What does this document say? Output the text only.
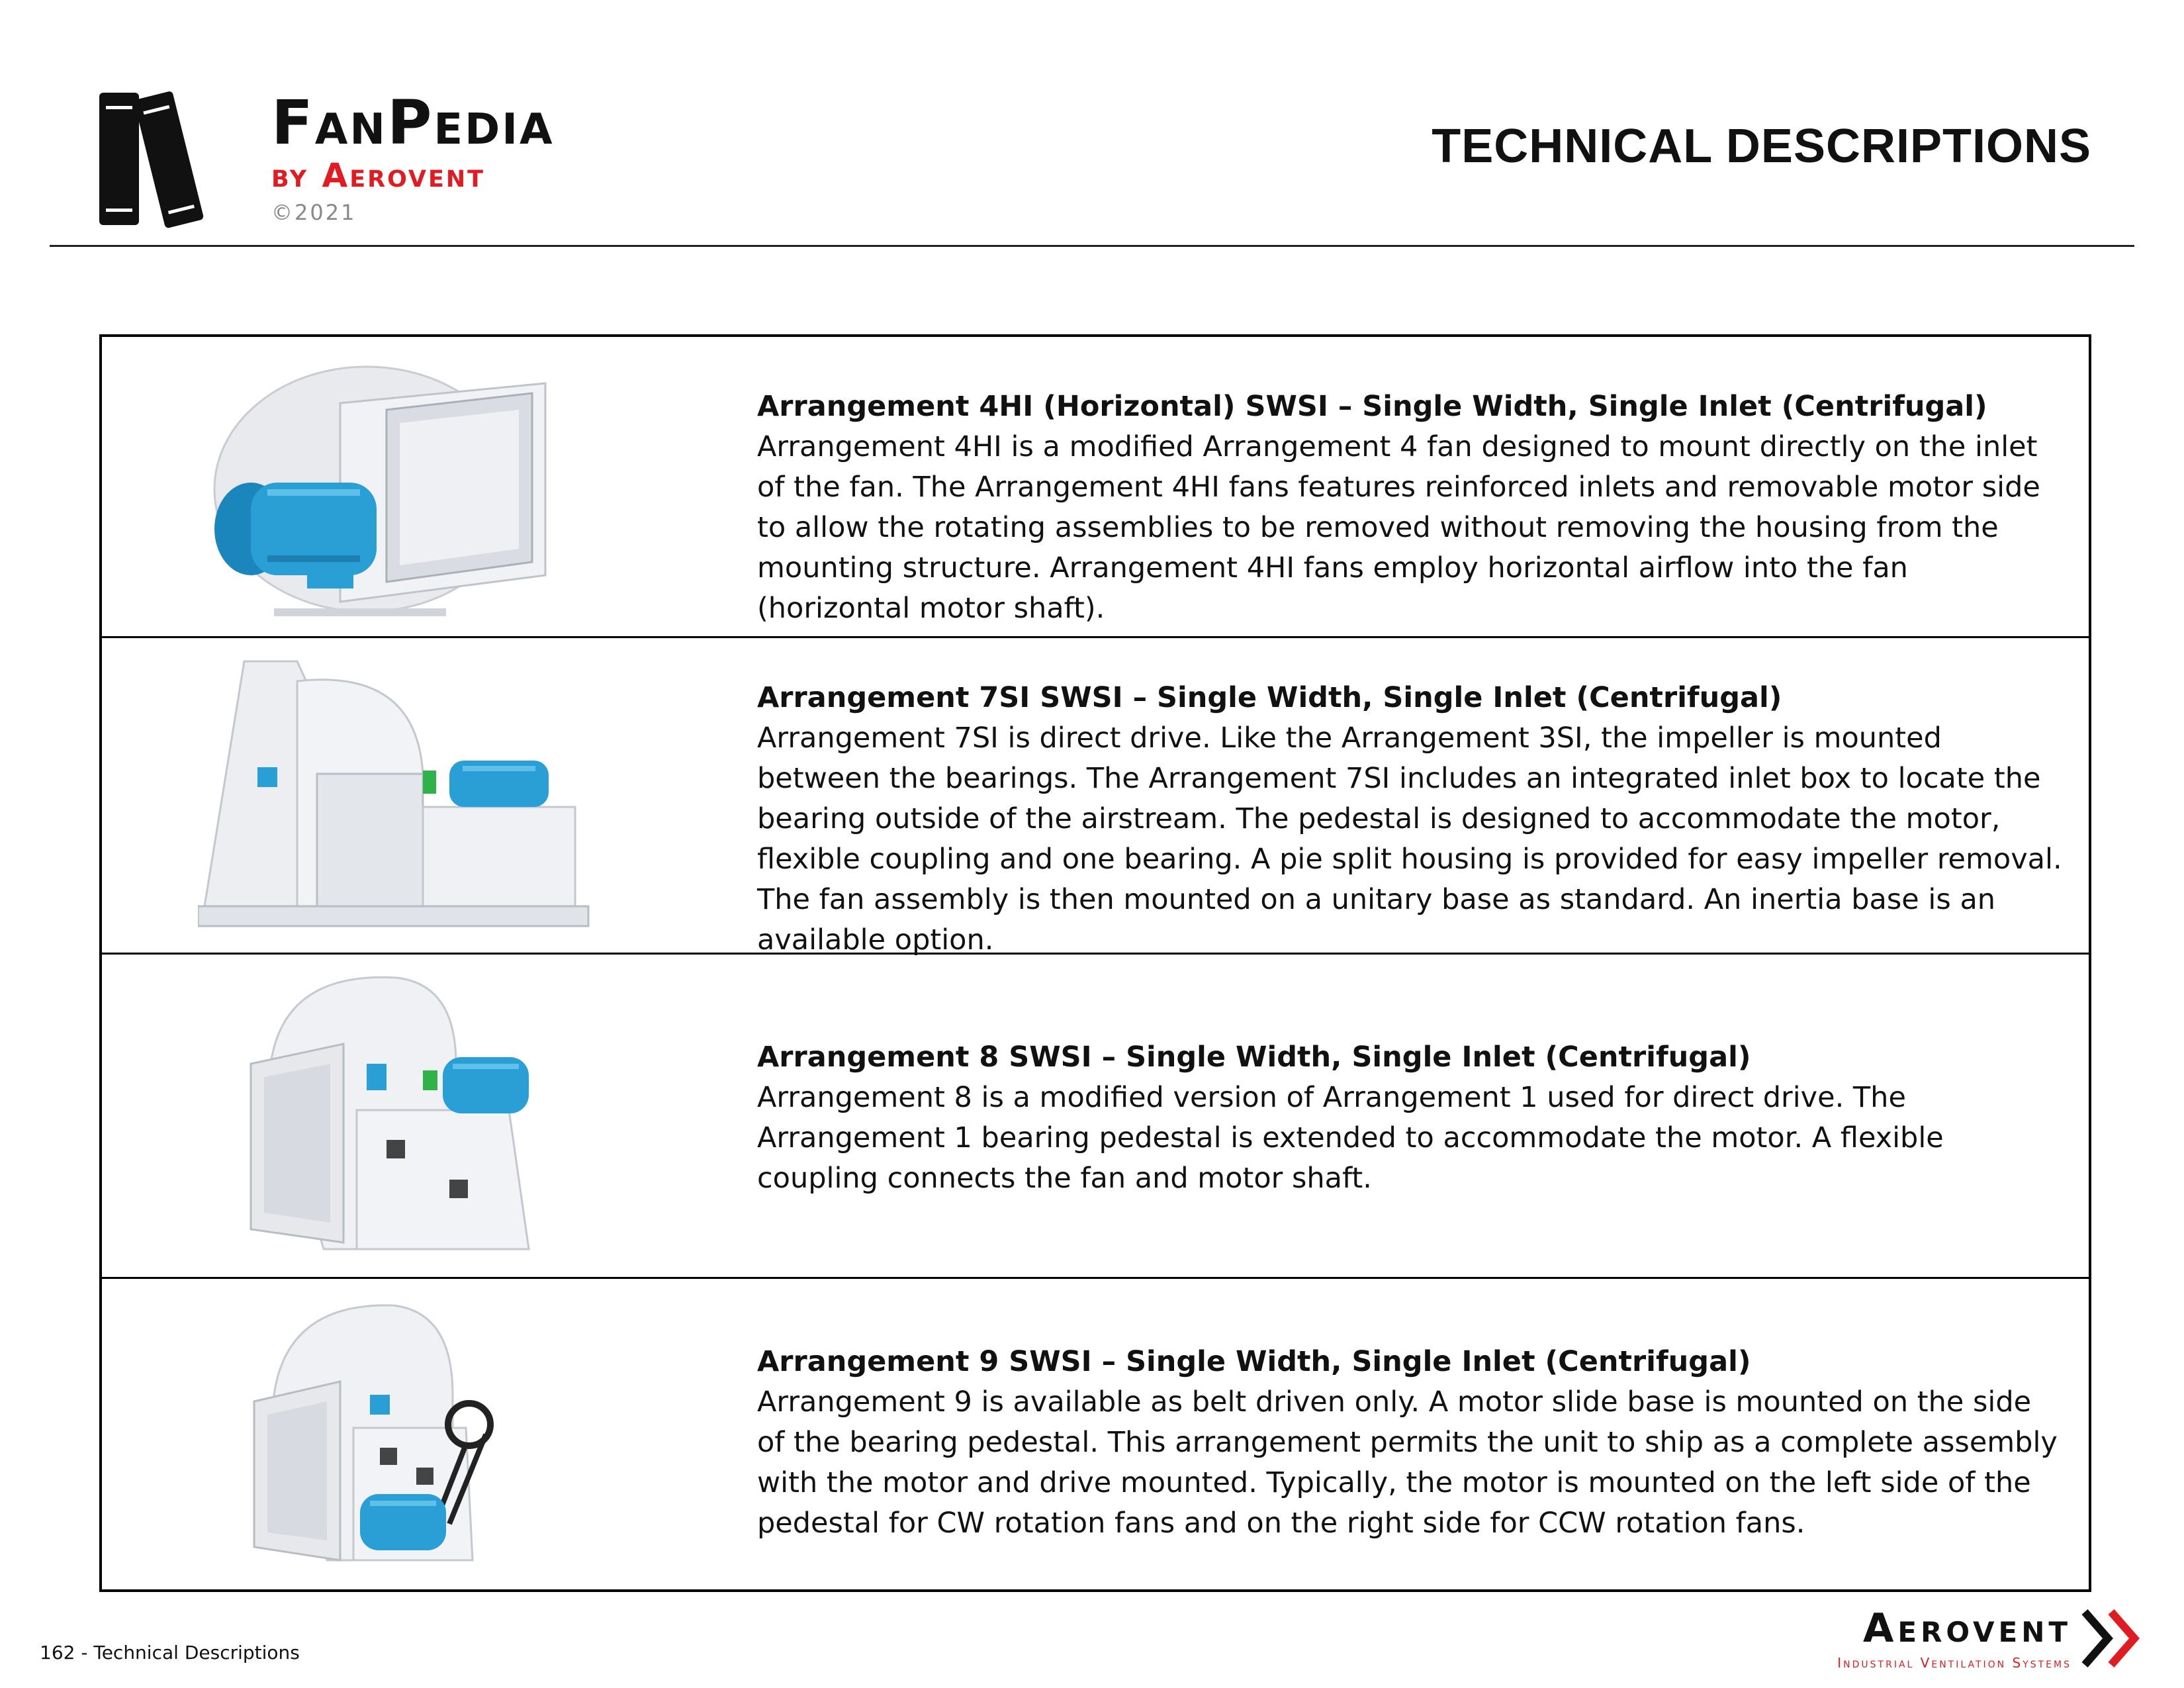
FanPedia
by Aerovent
©2021
TECHNICAL DESCRIPTIONS
Arrangement 4HI (Horizontal) SWSI – Single Width, Single Inlet (Centrifugal)
Arrangement 4HI is a modified Arrangement 4 fan designed to mount directly on the inlet of the fan. The Arrangement 4HI fans features reinforced inlets and removable motor side to allow the rotating assemblies to be removed without removing the housing from the mounting structure. Arrangement 4HI fans employ horizontal airflow into the fan (horizontal motor shaft).
Arrangement 7SI SWSI – Single Width, Single Inlet (Centrifugal)
Arrangement 7SI is direct drive. Like the Arrangement 3SI, the impeller is mounted between the bearings. The Arrangement 7SI includes an integrated inlet box to locate the bearing outside of the airstream. The pedestal is designed to accommodate the motor, flexible coupling and one bearing. A pie split housing is provided for easy impeller removal. The fan assembly is then mounted on a unitary base as standard. An inertia base is an available option.
Arrangement 8 SWSI – Single Width, Single Inlet (Centrifugal)
Arrangement 8 is a modified version of Arrangement 1 used for direct drive. The Arrangement 1 bearing pedestal is extended to accommodate the motor. A flexible coupling connects the fan and motor shaft.
Arrangement 9 SWSI – Single Width, Single Inlet (Centrifugal)
Arrangement 9 is available as belt driven only. A motor slide base is mounted on the side of the bearing pedestal. This arrangement permits the unit to ship as a complete assembly with the motor and drive mounted. Typically, the motor is mounted on the left side of the pedestal for CW rotation fans and on the right side for CCW rotation fans.
162 - Technical Descriptions
Aerovent
Industrial Ventilation Systems
